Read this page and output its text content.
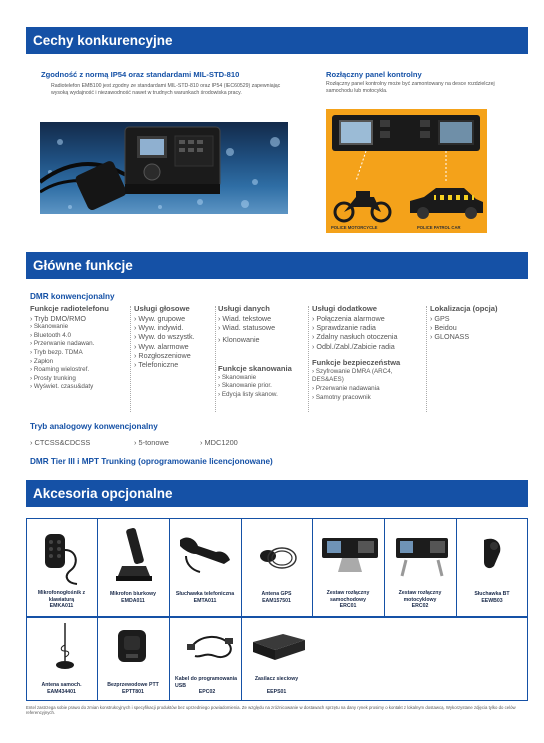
Cechy konkurencyjne
Zgodność z normą IP54 oraz standardami MIL-STD-810
Radiotelefon EMB100 jest zgodny ze standardami MIL-STD-810 oraz IP54 (IEC60529) zapewniając wysoką wydajność i niezawodność nawet w trudnych warunkach środowiska pracy.
Rozłączny panel kontrolny
Rozłączny panel kontrolny może być zamontowany na desce rozdzielczej samochodu lub motocykla.
POLICE MOTORCYCLE	POLICE PATROL CAR
Główne funkcje
DMR konwencjonalny
Funkcje radiotelefonu
› Tryb DMO/RMO
› Skanowanie
› Bluetooth 4.0
› Przerwanie nadawan.
› Tryb bezp. TDMA
› Zapłon
› Roaming wielostref.
› Prosty trunking
› Wyświet. czasu&daty
Usługi głosowe
› Wyw. grupowe
› Wyw. indywid.
› Wyw. do wszystk.
› Wyw. alarmowe
› Rozgłoszeniowe
› Telefoniczne
Usługi danych
› Wiad. tekstowe
› Wiad. statusowe
› Klonowanie
Funkcje skanowania
› Skanowanie
› Skanowanie prior.
› Edycja listy skanow.
Usługi dodatkowe
› Połączenia alarmowe
› Sprawdzanie radia
› Zdalny nasłuch otoczenia
› Odbl./Zabl./Zabicie radia
Funkcje bezpieczeństwa
› Szyfrowanie DMRA (ARC4, DES&AES)
› Przerwanie nadawania
› Samotny pracownik
Lokalizacja (opcja)
› GPS
› Beidou
› GLONASS
Tryb analogowy konwencjonalny
› CTCSS&CDCSS	› 5-tonowe	› MDC1200
DMR Tier III i MPT Trunking (oprogramowanie licencjonowane)
Akcesoria opcjonalne
Mikrofonogłośnik z klawiaturą
EMKA011
Mikrofon biurkowy
EMDA011
Słuchawka telefoniczna
EMTA011
Antena GPS
EAM157501
Zestaw rozłączny samochodowy
ERC01
Zestaw rozłączny motocyklowy
ERC02
Słuchawka BT
EEWB03
Antena samoch.
EAM434401
Bezprzewodowe PTT
EPTT801
Kabel do programowania USB
EPC02
Zasilacz sieciowy
EEPS01
Entel zastrzega sobie prawo do zmian konstrukcyjnych i specyfikacji produktów bez uprzedniego powiadomienia. Ze względu na zróżnicowanie w dostawach sprzętu na dany rynek prosimy o kontakt z lokalnym dostawcą. Wykorzystane zdjęcia tylko do celów referencyjnych.
